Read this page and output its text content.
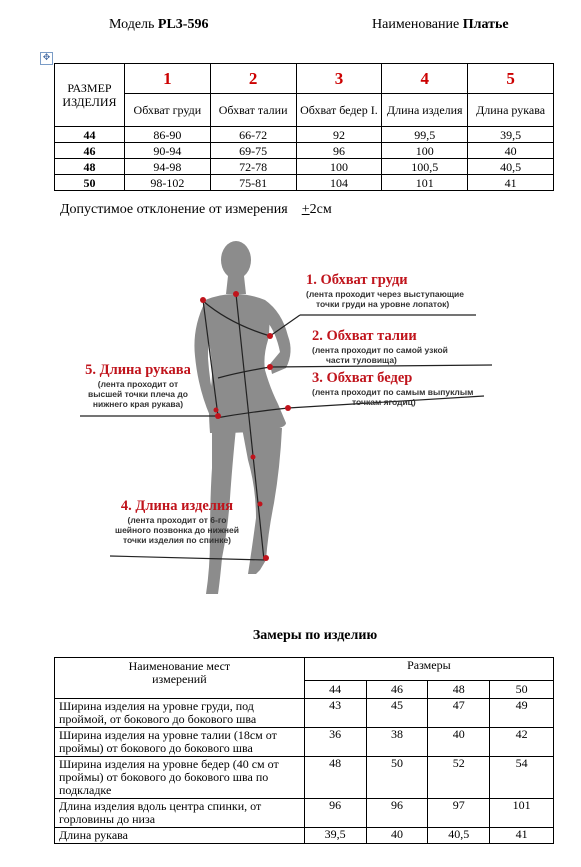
Модель PL3-596	Наименование Платье
✥
РАЗМЕР ИЗДЕЛИЯ	1	2	3	4	5
	Обхват груди	Обхват талии	Обхват бедер I.	Длина изделия	Длина рукава
44	86-90	66-72	92	99,5	39,5
46	90-94	69-75	96	100	40
48	94-98	72-78	100	100,5	40,5
50	98-102	75-81	104	101	41
Допустимое отклонение от измерения +2см
1. Обхват груди
(лента проходит через выступающие
точки груди на уровне лопаток)
2. Обхват талии
(лента проходит по самой узкой
части туловища)
3. Обхват бедер
(лента проходит по самым выпуклым
точкам ягодиц)
5. Длина рукава
(лента проходит от
высшей точки плеча до
нижнего края рукава)
4. Длина изделия
(лента проходит от 6-го
шейного позвонка до нижней
точки изделия по спинке)
Замеры по изделию
Наименование мест измерений	Размеры			
	44	46	48	50
Ширина изделия на уровне груди, под проймой, от бокового до бокового шва	43	45	47	49
Ширина изделия на уровне талии (18см от проймы) от бокового до бокового шва	36	38	40	42
Ширина изделия на уровне бедер (40 см от проймы) от бокового до бокового шва по подкладке	48	50	52	54
Длина изделия вдоль центра спинки, от горловины до низа	96	96	97	101
Длина рукава	39,5	40	40,5	41
